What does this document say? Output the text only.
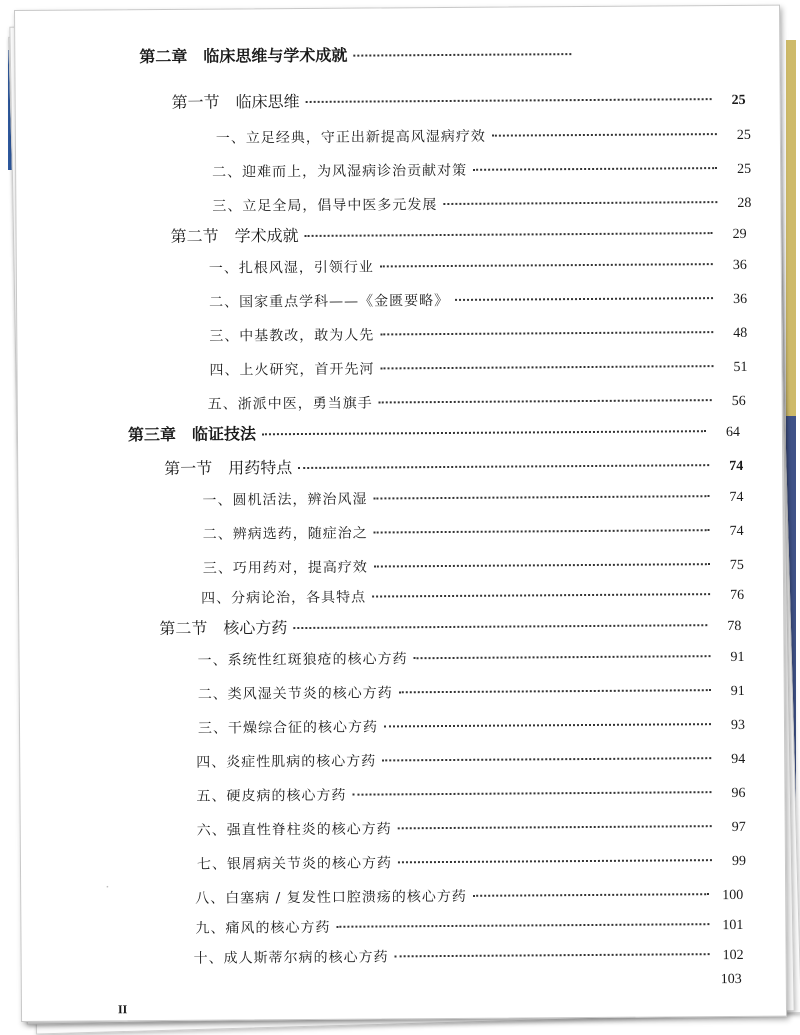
第二章　临床思维与学术成就
第一节　临床思维	25
一、立足经典，守正出新提高风湿病疗效	25
二、迎难而上，为风湿病诊治贡献对策	25
三、立足全局，倡导中医多元发展	28
第二节　学术成就	29
一、扎根风湿，引领行业	36
二、国家重点学科——《金匮要略》	36
三、中基教改，敢为人先	48
四、上火研究，首开先河	51
五、浙派中医，勇当旗手	56
第三章　临证技法	64
第一节　用药特点	74
一、圆机活法，辨治风湿	74
二、辨病选药，随症治之	74
三、巧用药对，提高疗效	75
四、分病论治，各具特点	76
第二节　核心方药	78
一、系统性红斑狼疮的核心方药	91
二、类风湿关节炎的核心方药	91
三、干燥综合征的核心方药	93
四、炎症性肌病的核心方药	94
五、硬皮病的核心方药	96
六、强直性脊柱炎的核心方药	97
七、银屑病关节炎的核心方药	99
八、白塞病 / 复发性口腔溃疡的核心方药	100
九、痛风的核心方药	101
十、成人斯蒂尔病的核心方药	102
103
·
II
